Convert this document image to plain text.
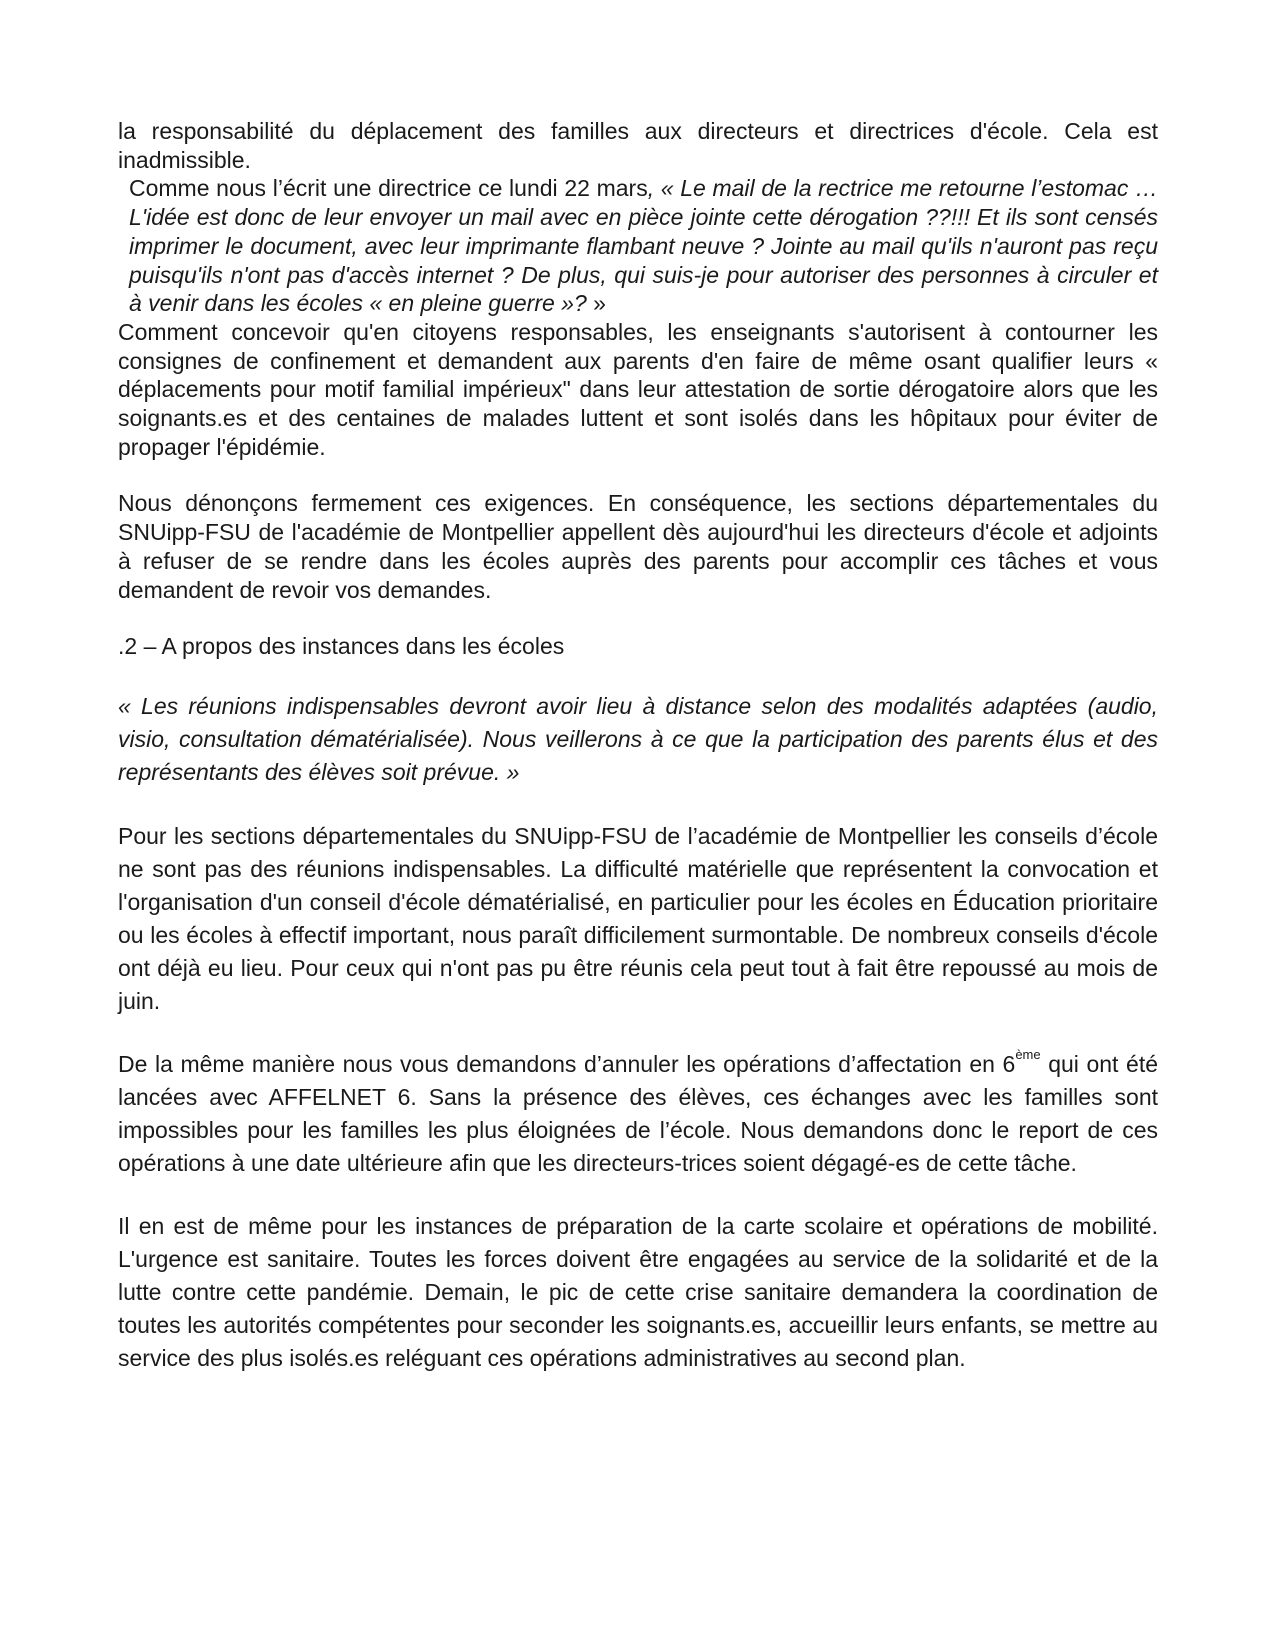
la responsabilité du déplacement des familles aux directeurs et directrices d'école. Cela est inadmissible.

Comme nous l’écrit une directrice ce lundi 22 mars, « Le mail de la rectrice me retourne l’estomac …L'idée est donc de leur envoyer un mail avec en pièce jointe cette dérogation ??!!! Et ils sont censés imprimer le document, avec leur imprimante flambant neuve ? Jointe au mail qu'ils n'auront pas reçu puisqu'ils n'ont pas d'accès internet ? De plus, qui suis-je pour autoriser des personnes à circuler et à venir dans les écoles « en pleine guerre »? »

Comment concevoir qu'en citoyens responsables, les enseignants s'autorisent à contourner les consignes de confinement et demandent aux parents d'en faire de même osant qualifier leurs « déplacements pour motif familial impérieux" dans leur attestation de sortie dérogatoire alors que les soignants.es et des centaines de malades luttent et sont isolés dans les hôpitaux pour éviter de propager l'épidémie.

Nous dénonçons fermement ces exigences. En conséquence, les sections départementales du SNUipp-FSU de l'académie de Montpellier appellent dès aujourd'hui les directeurs d'école et adjoints à refuser de se rendre dans les écoles auprès des parents pour accomplir ces tâches et vous demandent de revoir vos demandes.

.2 – A propos des instances dans les écoles

« Les réunions indispensables devront avoir lieu à distance selon des modalités adaptées (audio, visio, consultation dématérialisée). Nous veillerons à ce que la participation des parents élus et des représentants des élèves soit prévue. »

Pour les sections départementales du SNUipp-FSU de l’académie de Montpellier les conseils d’école ne sont pas des réunions indispensables. La difficulté matérielle que représentent la convocation et l'organisation d'un conseil d'école dématérialisé, en particulier pour les écoles en Éducation prioritaire ou les écoles à effectif important, nous paraît difficilement surmontable. De nombreux conseils d'école ont déjà eu lieu. Pour ceux qui n'ont pas pu être réunis cela peut tout à fait être repoussé au mois de juin.

De la même manière nous vous demandons d’annuler les opérations d’affectation en 6ème qui ont été lancées avec AFFELNET 6. Sans la présence des élèves, ces échanges avec les familles sont impossibles pour les familles les plus éloignées de l’école. Nous demandons donc le report de ces opérations à une date ultérieure afin que les directeurs-trices soient dégagé-es de cette tâche.

Il en est de même pour les instances de préparation de la carte scolaire et opérations de mobilité. L'urgence est sanitaire. Toutes les forces doivent être engagées au service de la solidarité et de la lutte contre cette pandémie. Demain, le pic de cette crise sanitaire demandera la coordination de toutes les autorités compétentes pour seconder les soignants.es, accueillir leurs enfants, se mettre au service des plus isolés.es reléguant ces opérations administratives au second plan.
